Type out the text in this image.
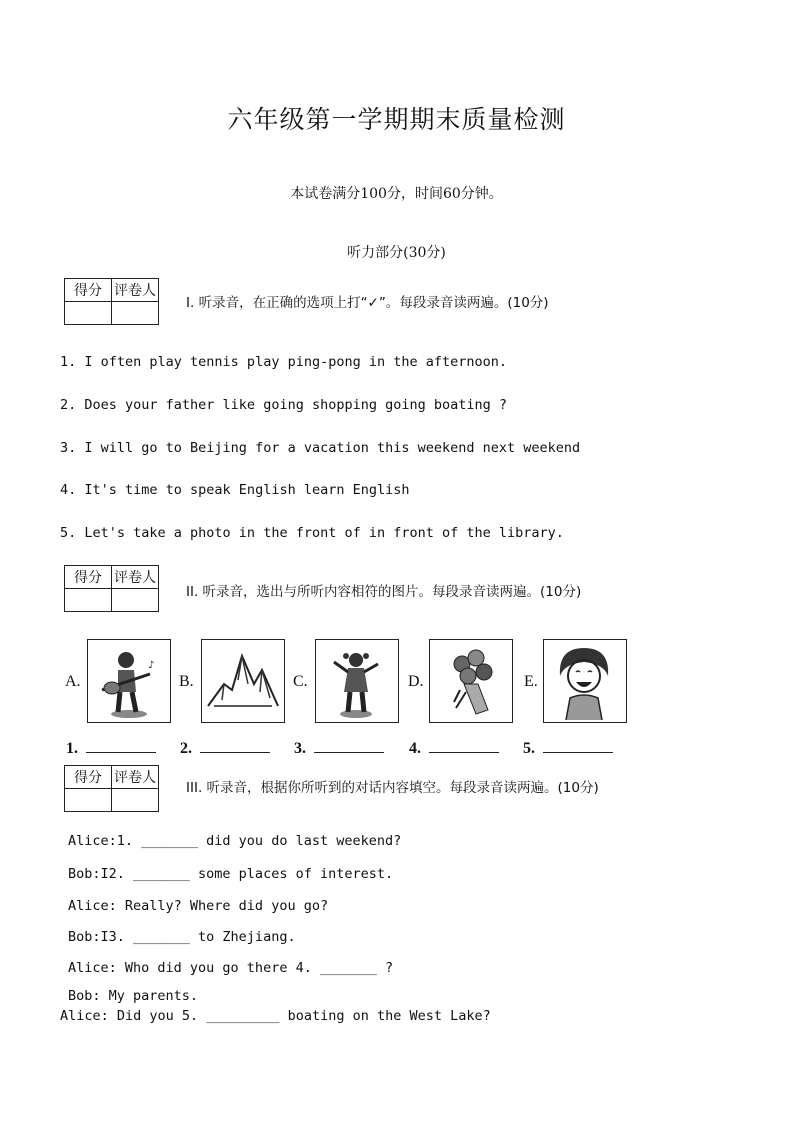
六年级第一学期期末质量检测
本试卷满分100分，时间60分钟。
听力部分(30分)
得分	评卷人

I. 听录音，在正确的选项上打“✓”。每段录音读两遍。(10分)
1. I often play tennis play ping-pong in the afternoon.
2. Does your father like going shopping going boating ?
3. I will go to Beijing for a vacation this weekend next weekend
4. It's time to speak English learn English
5. Let's take a photo in the front of in front of the library.
得分	评卷人

II. 听录音，选出与所听内容相符的图片。每段录音读两遍。(10分)
A.
♪
B.	C.	D.	E.
1.	2.	3.	4.	5.
得分	评卷人

III. 听录音，根据你所听到的对话内容填空。每段录音读两遍。(10分)
Alice:1. _______ did you do last weekend?
Bob:I2. _______ some places of interest.
Alice: Really? Where did you go?
Bob:I3. _______ to Zhejiang.
Alice: Who did you go there 4. _______ ?
Bob: My parents.
Alice: Did you 5. _________ boating on the West Lake?
